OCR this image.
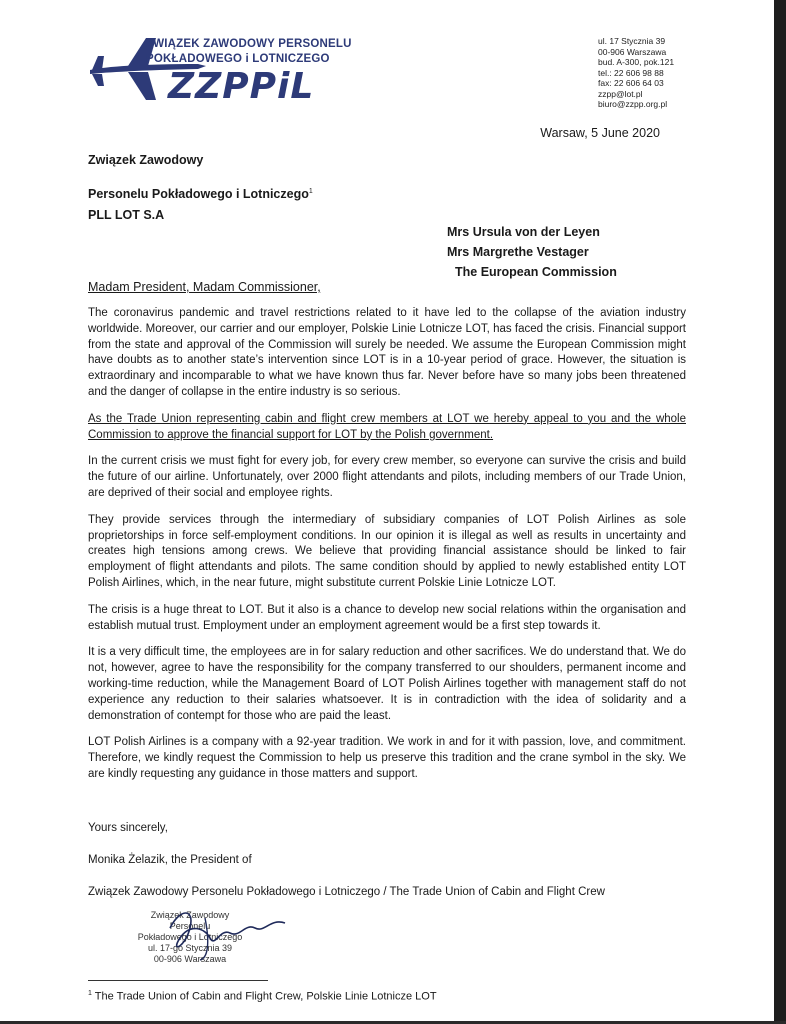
ZWIĄZEK ZAWODOWY PERSONELU
POKŁADOWEGO i LOTNICZEGO
ZZPPiL
ul. 17 Stycznia 39
00-906 Warszawa
bud. A-300, pok.121
tel.: 22 606 98 88
fax: 22 606 64 03
zzpp@lot.pl
biuro@zzpp.org.pl
Warsaw, 5 June 2020
Związek Zawodowy
Personelu Pokładowego i Lotniczego$^1$
PLL LOT S.A
Mrs Ursula von der Leyen
Mrs Margrethe Vestager
The European Commission
Madam President, Madam Commissioner,

The coronavirus pandemic and travel restrictions related to it have led to the collapse of the aviation industry worldwide. Moreover, our carrier and our employer, Polskie Linie Lotnicze LOT, has faced the crisis. Financial support from the state and approval of the Commission will surely be needed. We assume the European Commission might have doubts as to another state’s intervention since LOT is in a 10-year period of grace. However, the situation is extraordinary and incomparable to what we have known thus far. Never before have so many jobs been threatened and the danger of collapse in the entire industry is so serious.

As the Trade Union representing cabin and flight crew members at LOT we hereby appeal to you and the whole Commission to approve the financial support for LOT by the Polish government.

In the current crisis we must fight for every job, for every crew member, so everyone can survive the crisis and build the future of our airline. Unfortunately, over 2000 flight attendants and pilots, including members of our Trade Union, are deprived of their social and employee rights.

They provide services through the intermediary of subsidiary companies of LOT Polish Airlines as sole proprietorships in force self-employment conditions. In our opinion it is illegal as well as results in uncertainty and creates high tensions among crews. We believe that providing financial assistance should be linked to fair employment of flight attendants and pilots. The same condition should by applied to newly established entity LOT Polish Airlines, which, in the near future, might substitute current Polskie Linie Lotnicze LOT.

The crisis is a huge threat to LOT. But it also is a chance to develop new social relations within the organisation and establish mutual trust. Employment under an employment agreement would be a first step towards it.

It is a very difficult time, the employees are in for salary reduction and other sacrifices. We do understand that. We do not, however, agree to have the responsibility for the company transferred to our shoulders, permanent income and working-time reduction, while the Management Board of LOT Polish Airlines together with management staff do not experience any reduction to their salaries whatsoever. It is in contradiction with the idea of solidarity and a demonstration of contempt for those who are paid the least.

LOT Polish Airlines is a company with a 92-year tradition. We work in and for it with passion, love, and commitment. Therefore, we kindly request the Commission to help us preserve this tradition and the crane symbol in the sky. We are kindly requesting any guidance in those matters and support.

Yours sincerely,
Monika Żelazik, the President of
Związek Zawodowy Personelu Pokładowego i Lotniczego / The Trade Union of Cabin and Flight Crew
Związek Zawodowy Personelu
Pokładowego i Lotniczego
ul. 17-go Stycznia 39
00-906 Warszawa
$^1$ The Trade Union of Cabin and Flight Crew, Polskie Linie Lotnicze LOT
